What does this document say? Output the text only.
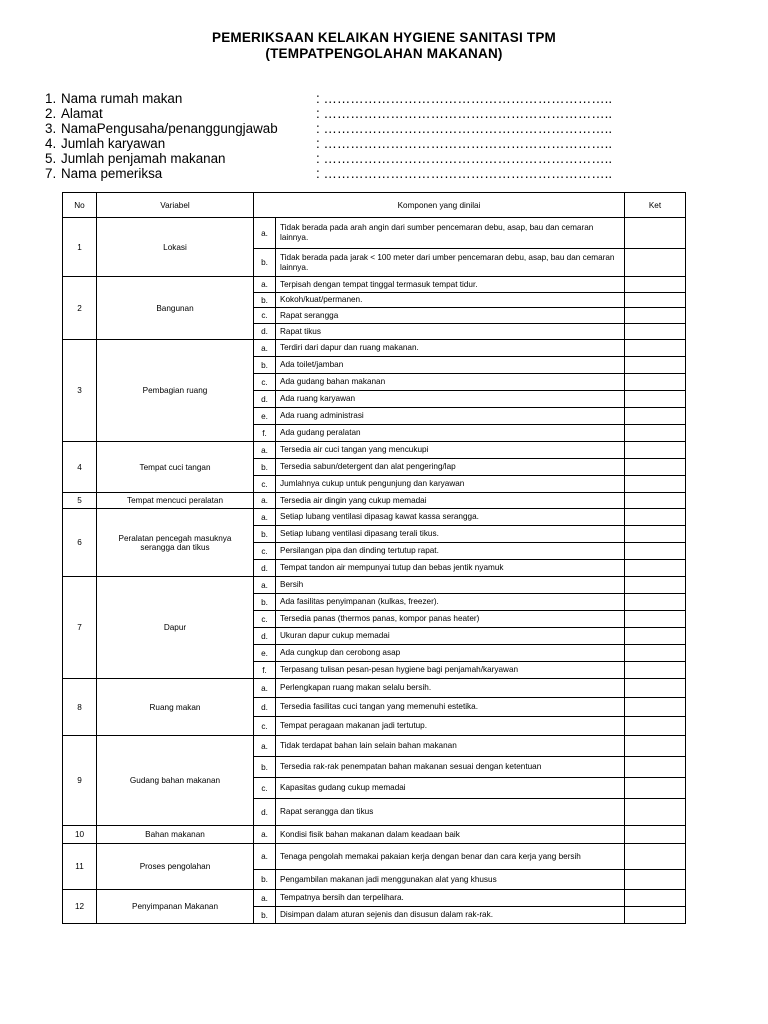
PEMERIKSAAN KELAIKAN HYGIENE SANITASI TPM
(TEMPATPENGOLAHAN MAKANAN)
1. Nama rumah makan	: ………………………………………………………..
2. Alamat	: ………………………………………………………..
3. NamaPengusaha/penanggungjawab	: ………………………………………………………..
4. Jumlah karyawan	: ………………………………………………………..
5. Jumlah penjamah makanan	: ………………………………………………………..
7. Nama pemeriksa	: ………………………………………………………..
No	Variabel	Komponen yang dinilai		Ket
1	Lokasi	a.	Tidak berada pada arah angin dari sumber pencemaran debu, asap, bau dan cemaran lainnya.	
		b.	Tidak berada pada jarak < 100 meter dari umber pencemaran debu, asap, bau dan cemaran lainnya.	
2	Bangunan	a.	Terpisah dengan tempat tinggal termasuk tempat tidur.	
		b.	Kokoh/kuat/permanen.	
		c.	Rapat serangga	
		d.	Rapat tikus	
3	Pembagian ruang	a.	Terdiri dari dapur dan ruang makanan.	
		b.	Ada toilet/jamban	
		c.	Ada gudang bahan makanan	
		d.	Ada ruang karyawan	
		e.	Ada ruang administrasi	
		f.	Ada gudang peralatan	
4	Tempat cuci tangan	a.	Tersedia air cuci tangan yang mencukupi	
		b.	Tersedia sabun/detergent dan alat pengering/lap	
		c.	Jumlahnya cukup untuk pengunjung dan karyawan	
5	Tempat mencuci peralatan	a.	Tersedia air dingin yang cukup memadai	
6	Peralatan pencegah masuknya serangga dan tikus	a.	Setiap lubang ventilasi dipasag kawat kassa serangga.	
		b.	Setiap lubang ventilasi dipasang terali tikus.	
		c.	Persilangan pipa dan dinding tertutup rapat.	
		d.	Tempat tandon air mempunyai tutup dan bebas jentik nyamuk	
7	Dapur	a.	Bersih	
		b.	Ada fasilitas penyimpanan (kulkas, freezer).	
		c.	Tersedia panas (thermos panas, kompor panas heater)	
		d.	Ukuran dapur cukup memadai	
		e.	Ada cungkup dan cerobong asap	
		f.	Terpasang tulisan pesan-pesan hygiene bagi penjamah/karyawan	
8	Ruang makan	a.	Perlengkapan ruang makan selalu bersih.	
		d.	Tersedia fasilitas cuci tangan yang memenuhi estetika.	
		c.	Tempat peragaan makanan jadi tertutup.	
9	Gudang bahan makanan	a.	Tidak terdapat bahan lain selain bahan makanan	
		b.	Tersedia rak-rak penempatan bahan makanan sesuai dengan ketentuan	
		c.	Kapasitas gudang cukup memadai	
		d.	Rapat serangga dan tikus	
10	Bahan makanan	a.	Kondisi fisik bahan makanan dalam keadaan baik	
11	Proses pengolahan	a.	Tenaga pengolah memakai pakaian kerja dengan benar dan cara kerja yang bersih	
		b.	Pengambilan makanan jadi menggunakan alat yang khusus	
12	Penyimpanan Makanan	a.	Tempatnya bersih dan terpelihara.	
		b.	Disimpan dalam aturan sejenis dan disusun dalam rak-rak.	
